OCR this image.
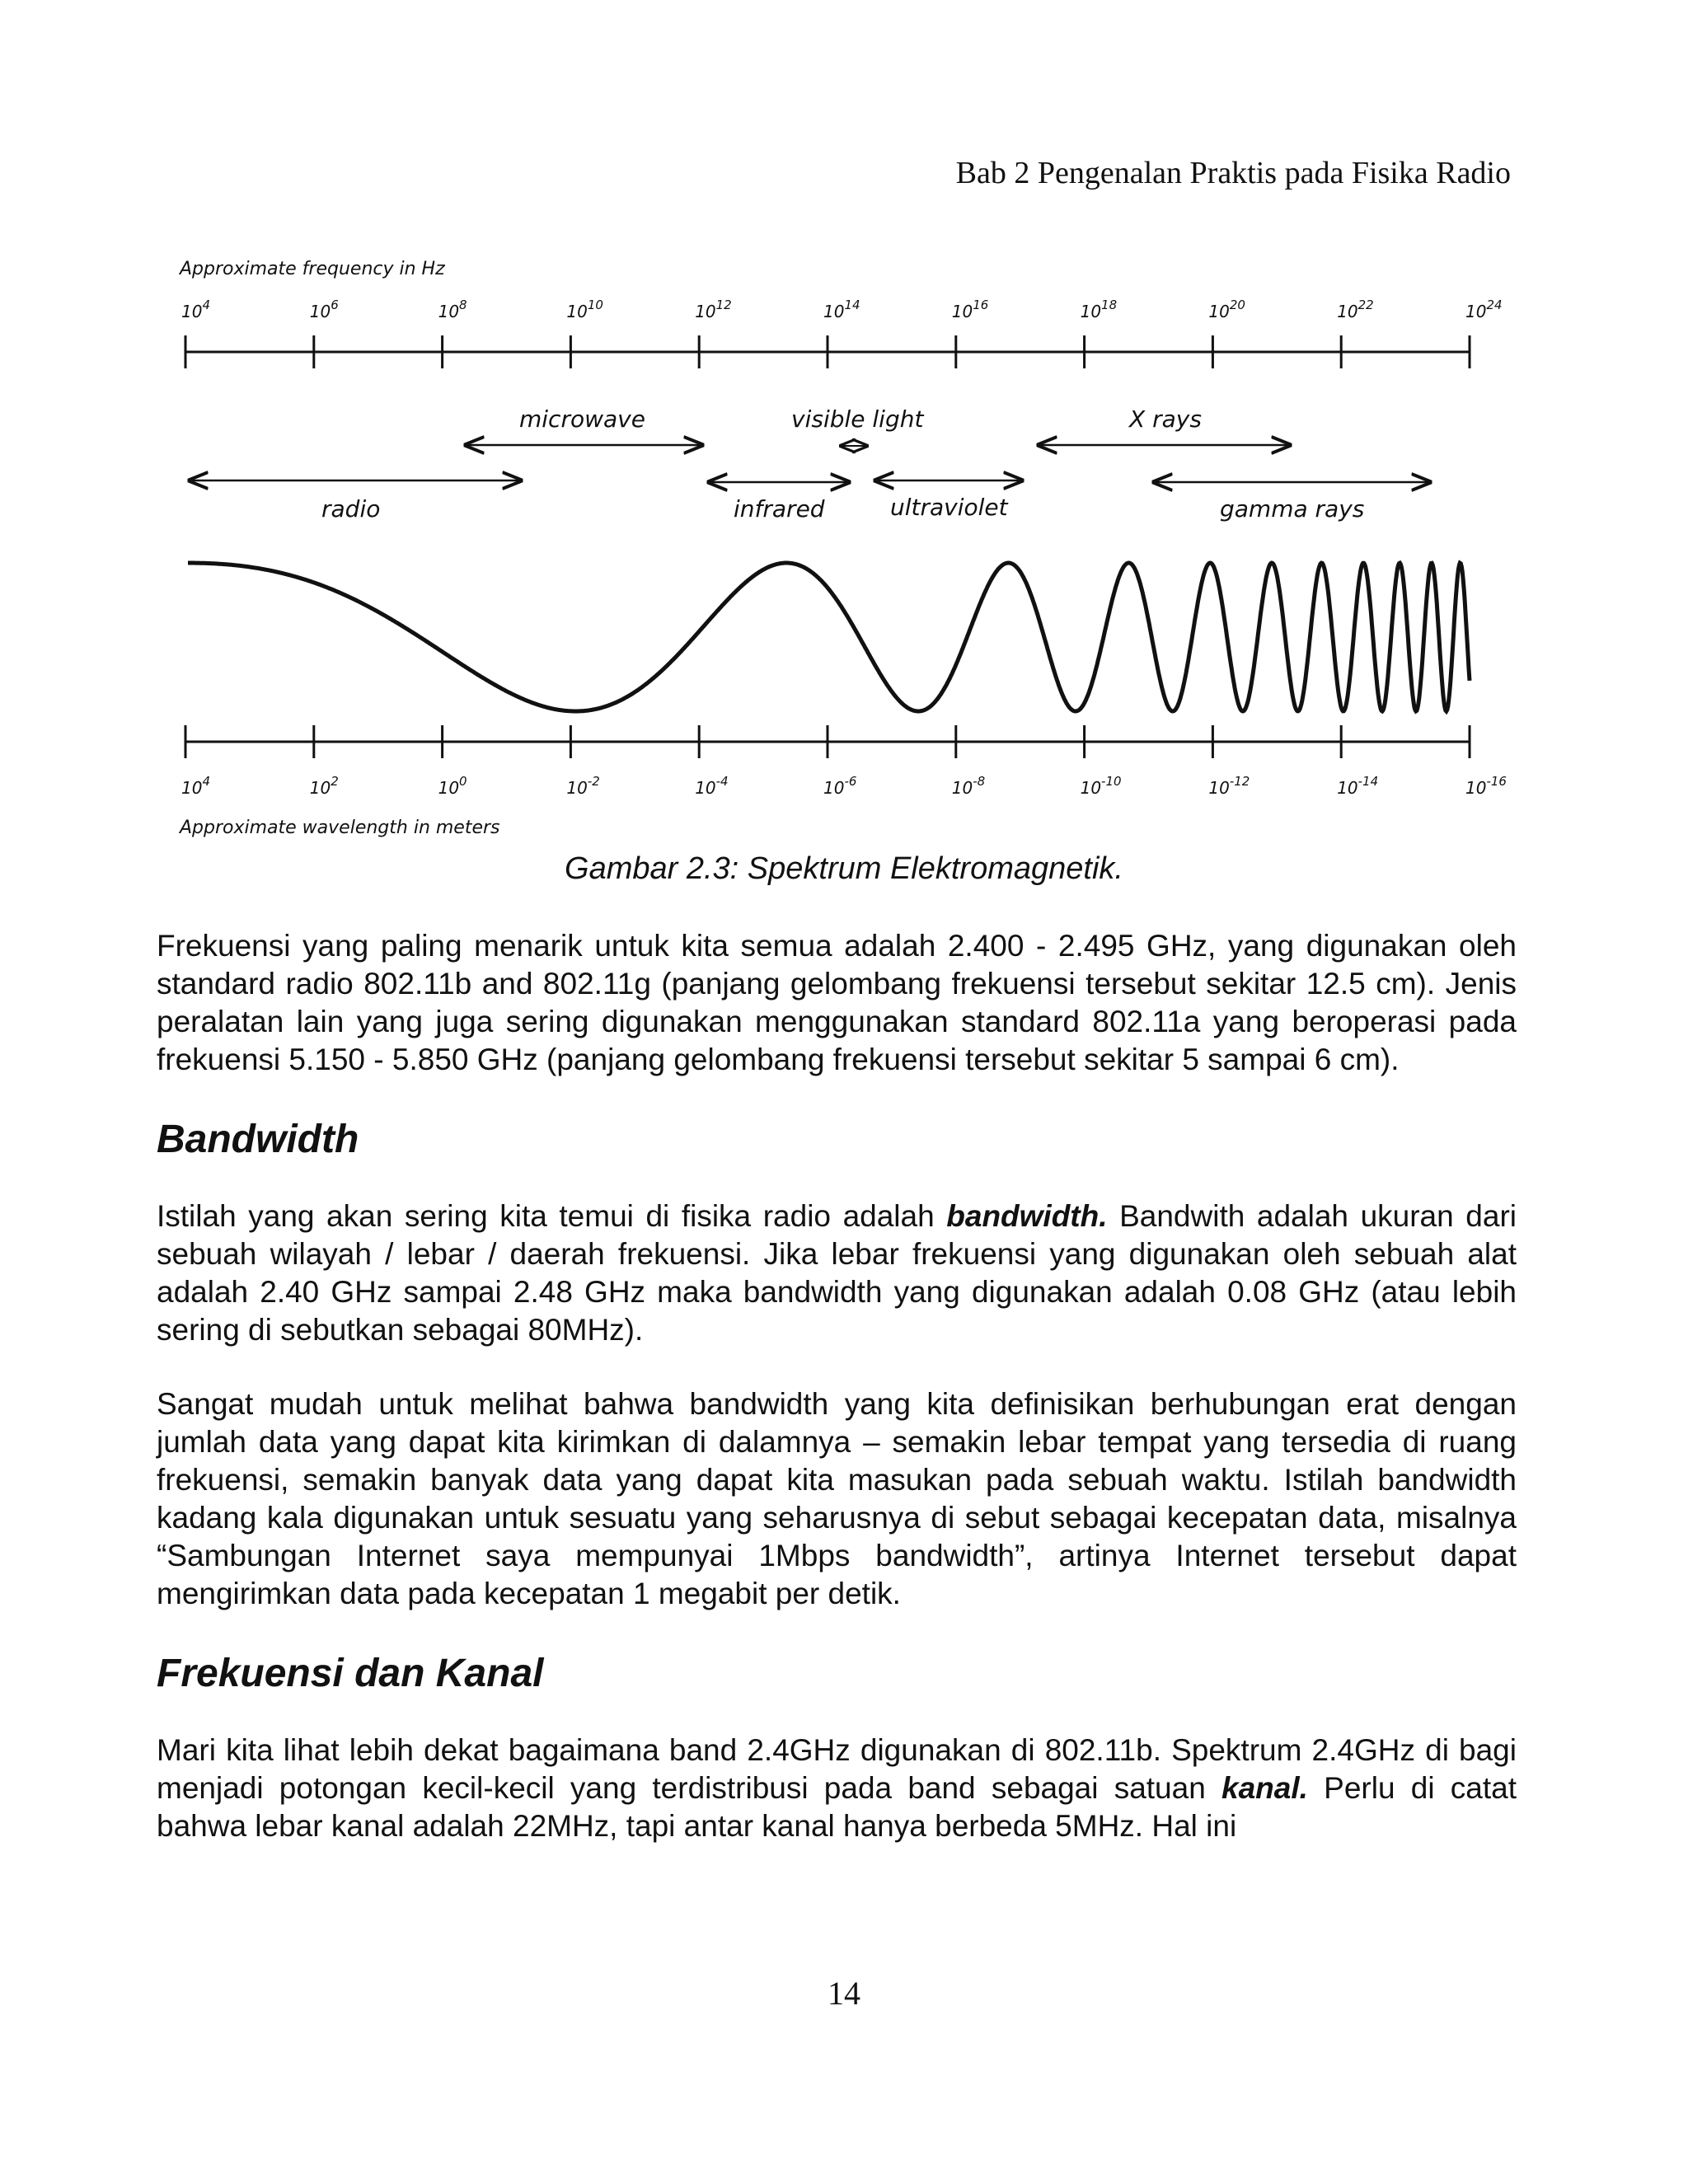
Bab 2 Pengenalan Praktis pada Fisika Radio
Approximate frequency in Hz
$10^4$	$10^6$	$10^8$	$10^{10}$	$10^{12}$	$10^{14}$	$10^{16}$	$10^{18}$	$10^{20}$	$10^{22}$	$10^{24}$
microwave	visible light	X rays
radio	infrared	ultraviolet	gamma rays
$10^4$	$10^2$	$10^0$	$10^{-2}$	$10^{-4}$	$10^{-6}$	$10^{-8}$	$10^{-10}$	$10^{-12}$	$10^{-14}$	$10^{-16}$
Approximate wavelength in meters
Gambar 2.3: Spektrum Elektromagnetik.

Frekuensi yang paling menarik untuk kita semua adalah 2.400 - 2.495 GHz, yang digunakan oleh standard radio 802.11b and 802.11g (panjang gelombang frekuensi tersebut sekitar 12.5 cm). Jenis peralatan lain yang juga sering digunakan menggunakan standard 802.11a yang beroperasi pada frekuensi 5.150 - 5.850 GHz (panjang gelombang frekuensi tersebut sekitar 5 sampai 6 cm).

Bandwidth

Istilah yang akan sering kita temui di fisika radio adalah bandwidth. Bandwith adalah ukuran dari sebuah wilayah / lebar / daerah frekuensi. Jika lebar frekuensi yang digunakan oleh sebuah alat adalah 2.40 GHz sampai 2.48 GHz maka bandwidth yang digunakan adalah 0.08 GHz (atau lebih sering di sebutkan sebagai 80MHz).

Sangat mudah untuk melihat bahwa bandwidth yang kita definisikan berhubungan erat dengan jumlah data yang dapat kita kirimkan di dalamnya – semakin lebar tempat yang tersedia di ruang frekuensi, semakin banyak data yang dapat kita masukan pada sebuah waktu. Istilah bandwidth kadang kala digunakan untuk sesuatu yang seharusnya di sebut sebagai kecepatan data, misalnya “Sambungan Internet saya mempunyai 1Mbps bandwidth”, artinya Internet tersebut dapat mengirimkan data pada kecepatan 1 megabit per detik.

Frekuensi dan Kanal

Mari kita lihat lebih dekat bagaimana band 2.4GHz digunakan di 802.11b. Spektrum 2.4GHz di bagi menjadi potongan kecil-kecil yang terdistribusi pada band sebagai satuan kanal. Perlu di catat bahwa lebar kanal adalah 22MHz, tapi antar kanal hanya berbeda 5MHz. Hal ini

14
